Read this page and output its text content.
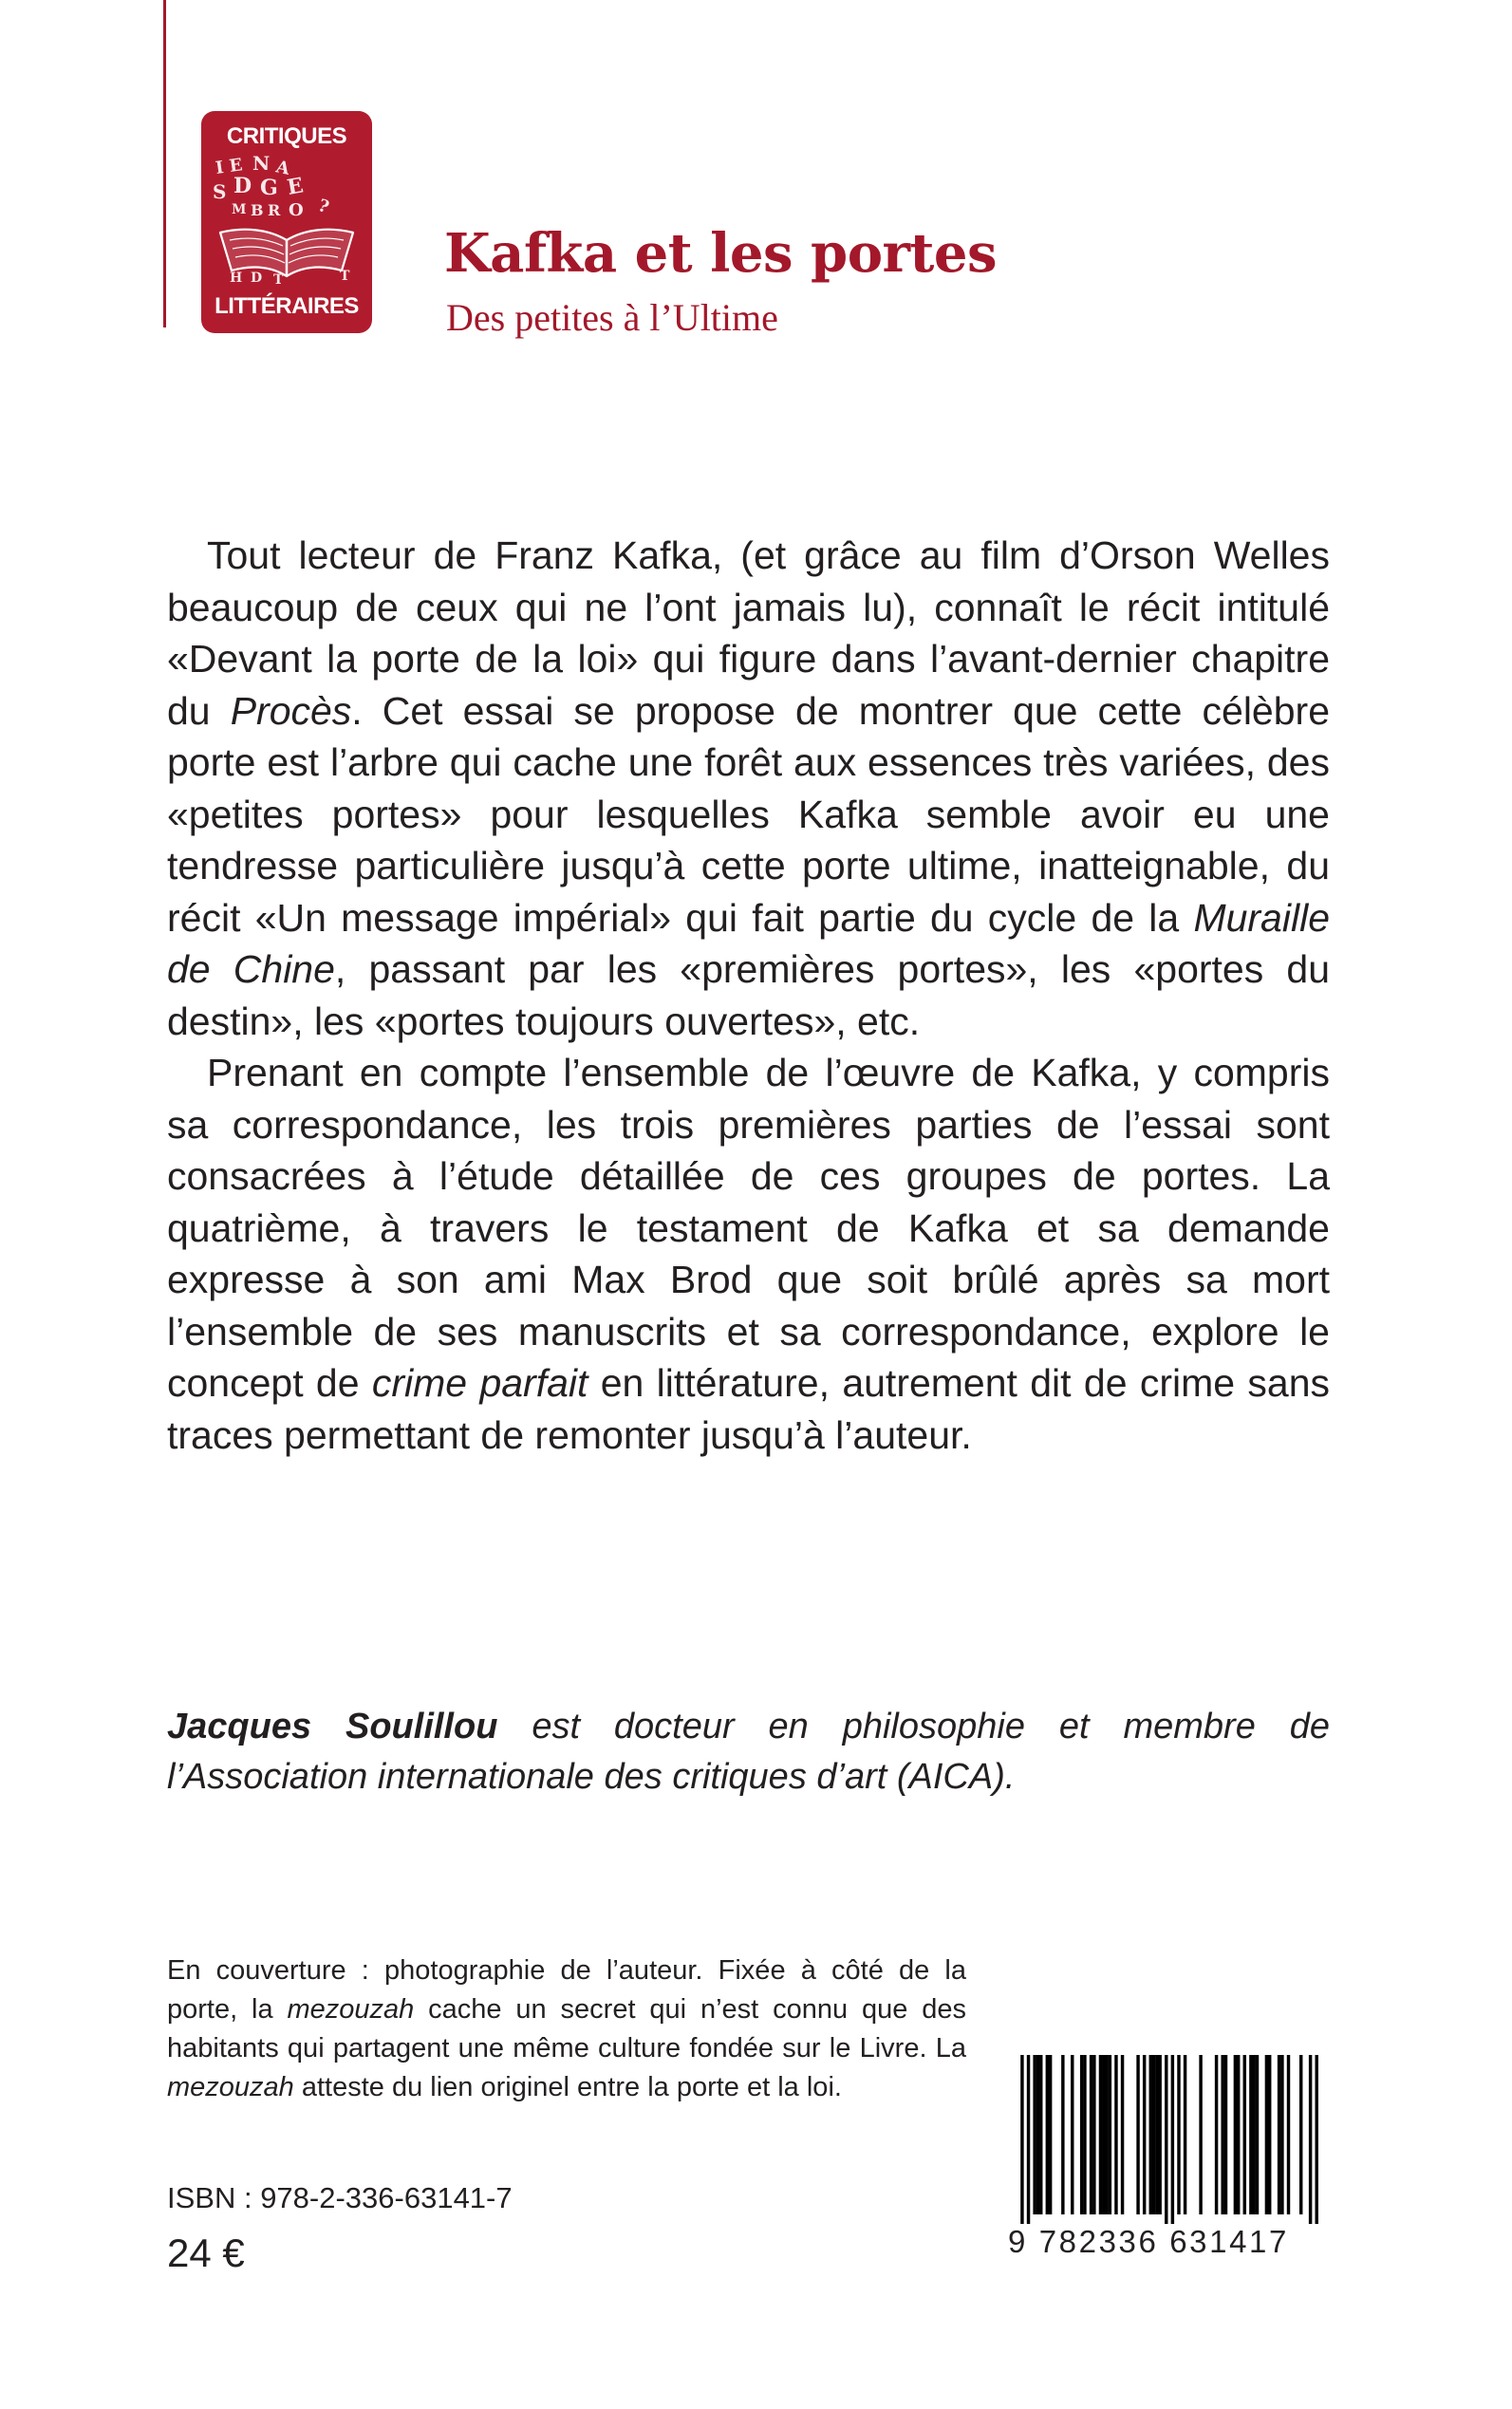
CRITIQUES
I E N A
D G E
S
M B R O ?
H D T	T
LITTÉRAIRES
Kafka et les portes
Des petites à l’Ultime

Tout lecteur de Franz Kafka, (et grâce au film d’Orson Welles beaucoup de ceux qui ne l’ont jamais lu), connaît le récit intitulé «Devant la porte de la loi» qui figure dans l’avant-dernier chapitre du Procès. Cet essai se propose de montrer que cette célèbre porte est l’arbre qui cache une forêt aux essences très variées, des «petites portes» pour lesquelles Kafka semble avoir eu une tendresse particulière jusqu’à cette porte ultime, inatteignable, du récit «Un message impérial» qui fait partie du cycle de la Muraille de Chine, passant par les «premières portes», les «portes du destin», les «portes toujours ouvertes», etc.

Prenant en compte l’ensemble de l’œuvre de Kafka, y compris sa correspondance, les trois premières parties de l’essai sont consacrées à l’étude détaillée de ces groupes de portes. La quatrième, à travers le testament de Kafka et sa demande expresse à son ami Max Brod que soit brûlé après sa mort l’ensemble de ses manuscrits et sa correspondance, explore le concept de crime parfait en littérature, autrement dit de crime sans traces permettant de remonter jusqu’à l’auteur.

Jacques Soulillou est docteur en philosophie et membre de l’Association internationale des critiques d’art (AICA).
En couverture : photographie de l’auteur. Fixée à côté de la porte, la mezouzah cache un secret qui n’est connu que des habitants qui partagent une même culture fondée sur le Livre. La mezouzah atteste du lien originel entre la porte et la loi.
ISBN : 978-2-336-63141-7
24 €	9 782336 631417
